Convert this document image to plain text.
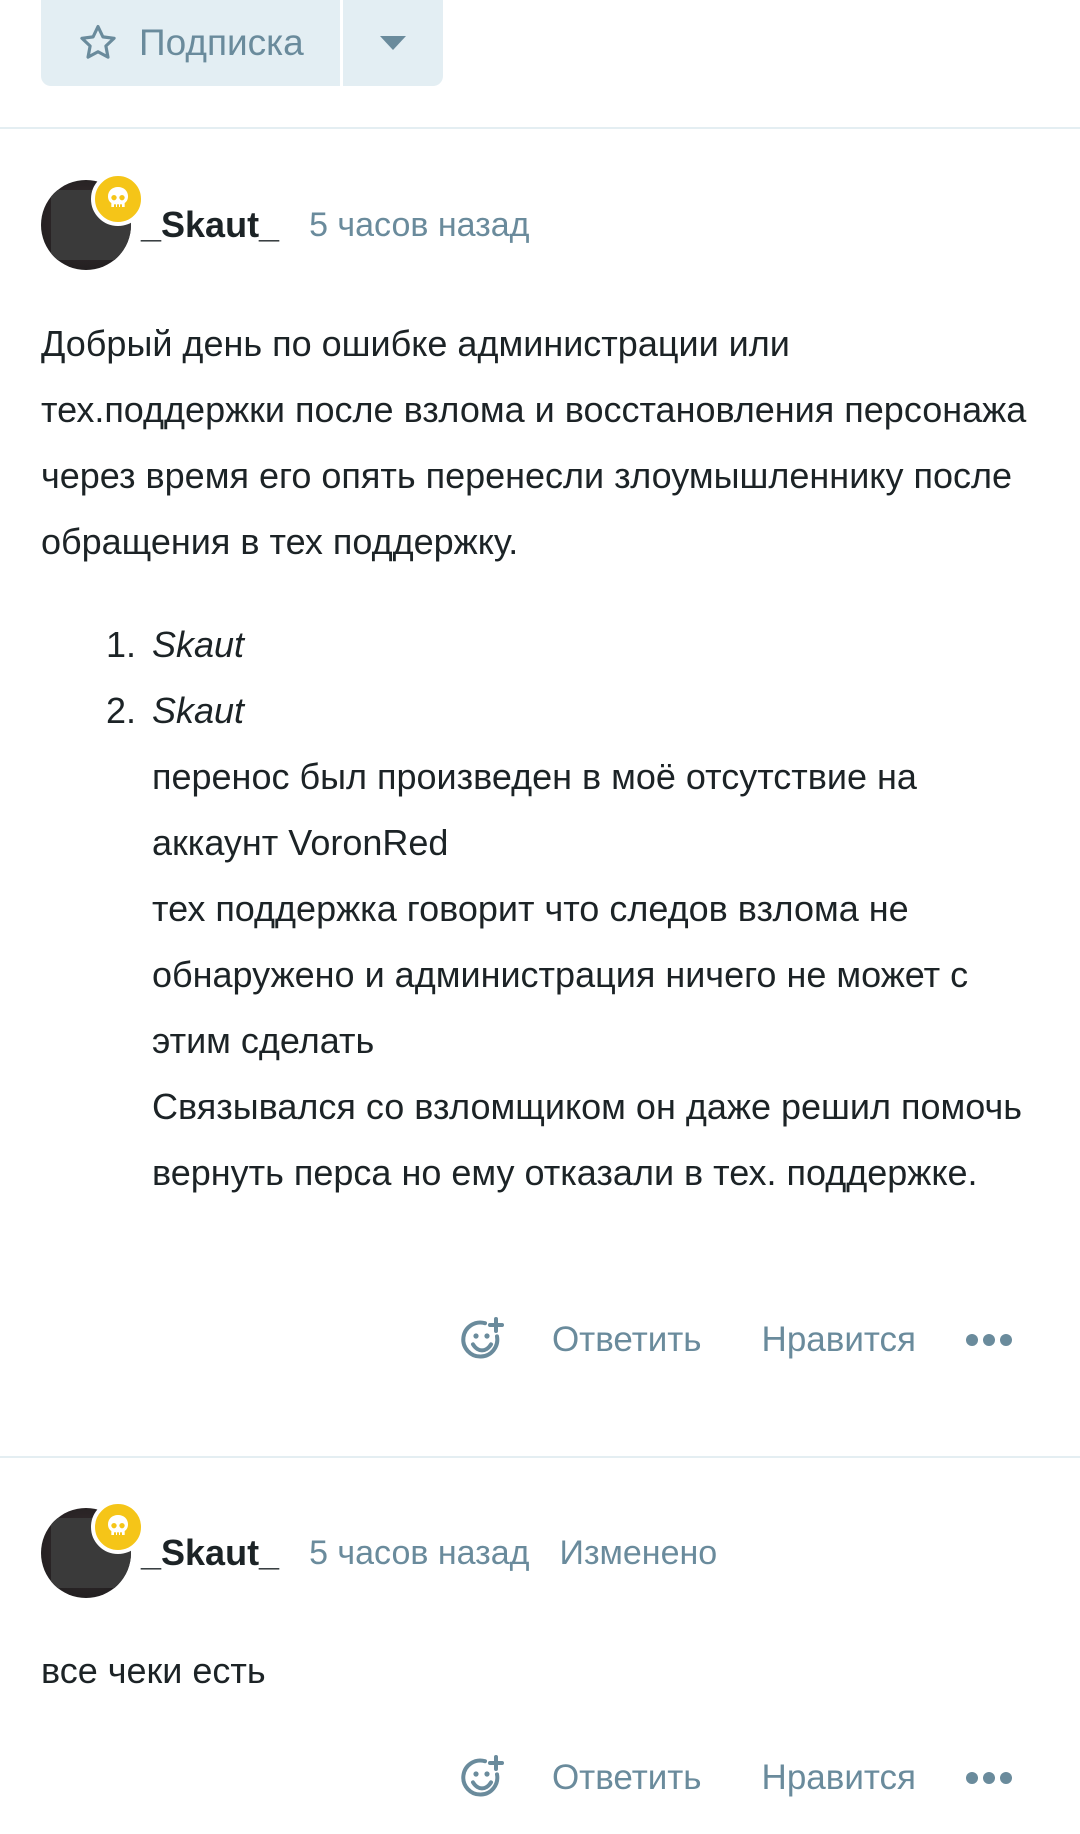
Подписка
_Skaut_ 5 часов назад
Добрый день по ошибке администрации или тех.поддержки после взлома и восстановления персонажа через время его опять перенесли злоумышленнику после обращения в тех поддержку.
1. Skaut
2. Skaut
перенос был произведен в моё отсутствие на аккаунт VoronRed
тех поддержка говорит что следов взлома не обнаружено и администрация ничего не может с этим сделать
Связывался со взломщиком он даже решил помочь вернуть перса но ему отказали в тех. поддержке.
Ответить Нравится
_Skaut_ 5 часов назад Изменено
все чеки есть
Ответить Нравится
